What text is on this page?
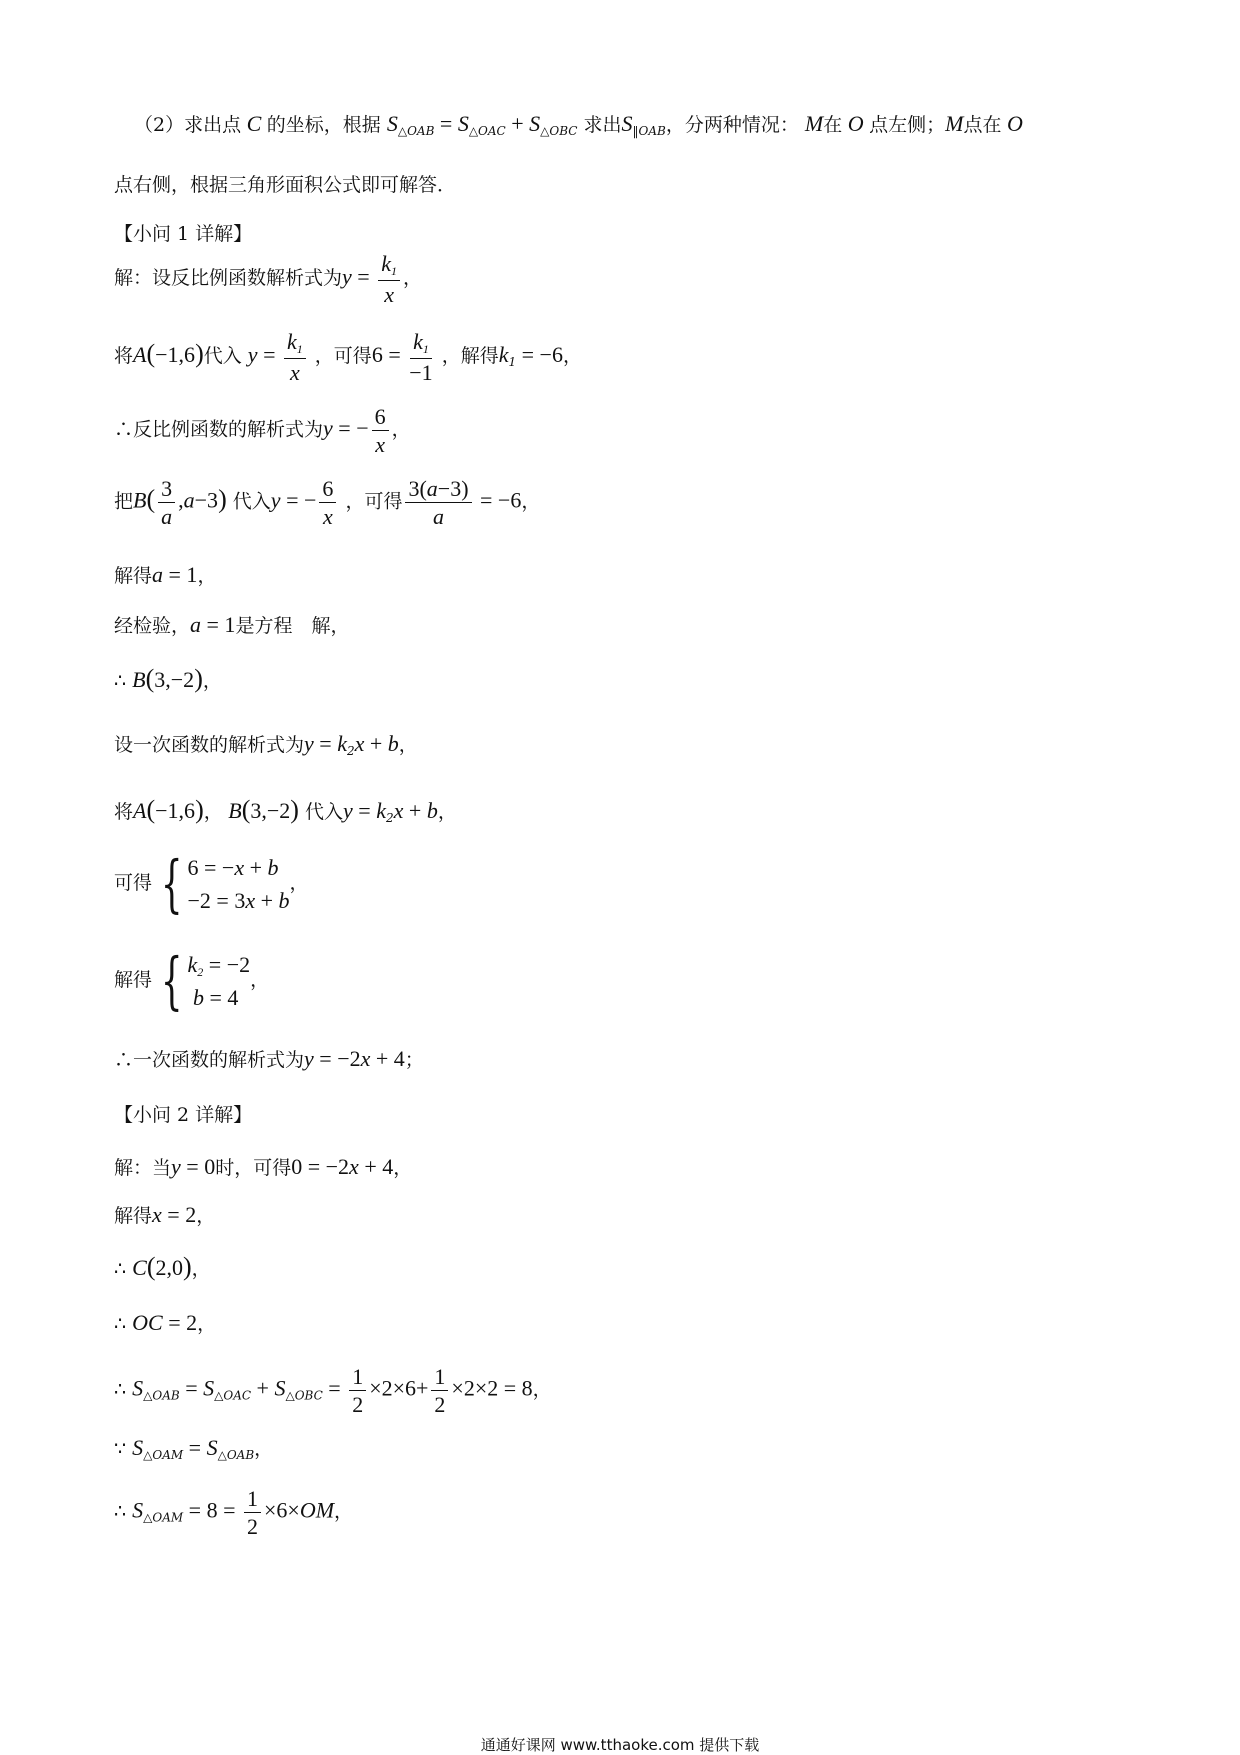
（2）求出点 C 的坐标，根据 $S_{\triangle OAB} = S_{\triangle OAC} + S_{\triangle OBC}$ 求出$S_{‖OAB}$，分两种情况： M在 O 点左侧；M点在 O
点右侧，根据三角形面积公式即可解答．
【小问 1 详解】
解：设反比例函数解析式为$y = \frac{k_1}{x}$ ，
将A(−1,6)代入 $y = \frac{k_1}{x}$ ，可得$6 = \frac{k_1}{-1}$ ，解得$k_1 = -6$，
∴反比例函数的解析式为y = − $\frac{6}{x}$ ，
把$B( \frac{3}{a} ,a-3)$ 代入y = − $\frac{6}{x}$ ，可得 $\frac{3(a-3)}{a} = -6$，
解得a = 1，
经检验，a = 1是方程　解，
∴ B(3,−2)，
设一次函数的解析式为$y = k_2x + b$，
将A(−1,6)， B(3,−2) 代入$y = k_2x + b$，
可得 { 6 = −x + b
−2 = 3x + b
，
解得 { $k_2 = -2$
b = 4
，
∴一次函数的解析式为y = −2x + 4；
【小问 2 详解】
解：当y = 0时，可得0 = −2x + 4，
解得x = 2，
∴ C(2,0)，
∴ OC = 2，
∴ $S_{\triangle OAB} = S_{\triangle OAC} + S_{\triangle OBC} = \frac{1}{2} \times 2\times 6+ \frac{1}{2} \times 2\times 2 = 8$，
∵ $S_{\triangle OAM} = S_{\triangle OAB}$，
∴ $S_{\triangle OAM} = 8 = \frac{1}{2} \times 6\times OM$，
通通好课网 www.tthaoke.com 提供下载
